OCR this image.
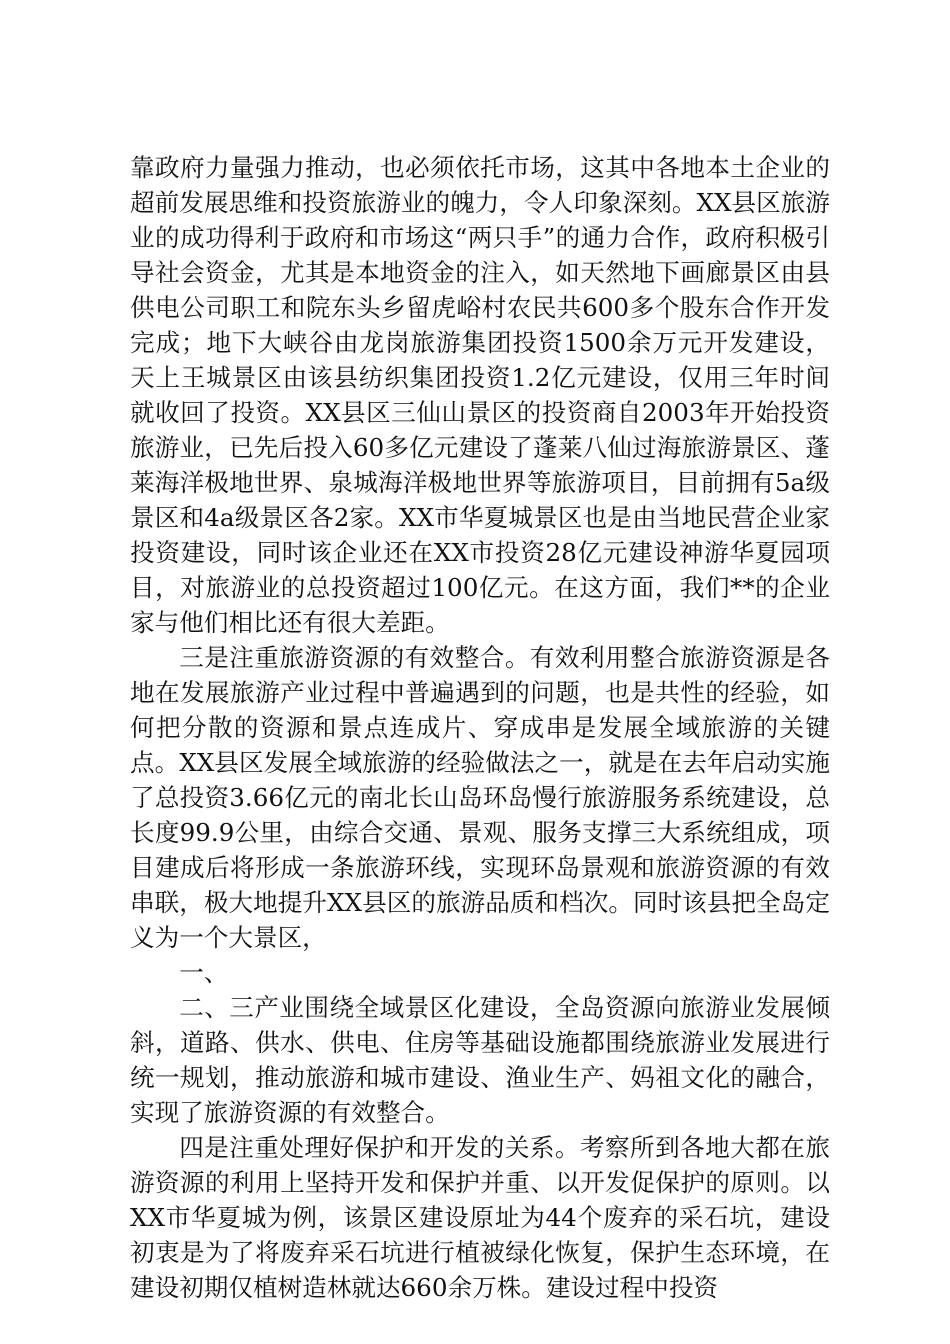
靠政府力量强力推动，也必须依托市场，这其中各地本土企业的超前发展思维和投资旅游业的魄力，令人印象深刻。XX县区旅游业的成功得利于政府和市场这“两只手”的通力合作，政府积极引导社会资金，尤其是本地资金的注入，如天然地下画廊景区由县供电公司职工和院东头乡留虎峪村农民共600多个股东合作开发完成；地下大峡谷由龙岗旅游集团投资1500余万元开发建设，天上王城景区由该县纺织集团投资1.2亿元建设，仅用三年时间就收回了投资。XX县区三仙山景区的投资商自2003年开始投资旅游业，已先后投入60多亿元建设了蓬莱八仙过海旅游景区、蓬莱海洋极地世界、泉城海洋极地世界等旅游项目，目前拥有5a级景区和4a级景区各2家。XX市华夏城景区也是由当地民营企业家投资建设，同时该企业还在XX市投资28亿元建设神游华夏园项目，对旅游业的总投资超过100亿元。在这方面，我们**的企业家与他们相比还有很大差距。

三是注重旅游资源的有效整合。有效利用整合旅游资源是各地在发展旅游产业过程中普遍遇到的问题，也是共性的经验，如何把分散的资源和景点连成片、穿成串是发展全域旅游的关键点。XX县区发展全域旅游的经验做法之一，就是在去年启动实施了总投资3.66亿元的南北长山岛环岛慢行旅游服务系统建设，总长度99.9公里，由综合交通、景观、服务支撑三大系统组成，项目建成后将形成一条旅游环线，实现环岛景观和旅游资源的有效串联，极大地提升XX县区的旅游品质和档次。同时该县把全岛定义为一个大景区，

一、

二、三产业围绕全域景区化建设，全岛资源向旅游业发展倾斜，道路、供水、供电、住房等基础设施都围绕旅游业发展进行统一规划，推动旅游和城市建设、渔业生产、妈祖文化的融合，实现了旅游资源的有效整合。

四是注重处理好保护和开发的关系。考察所到各地大都在旅游资源的利用上坚持开发和保护并重、以开发促保护的原则。以XX市华夏城为例，该景区建设原址为44个废弃的采石坑，建设初衷是为了将废弃采石坑进行植被绿化恢复，保护生态环境，在建设初期仅植树造林就达660余万株。建设过程中投资
